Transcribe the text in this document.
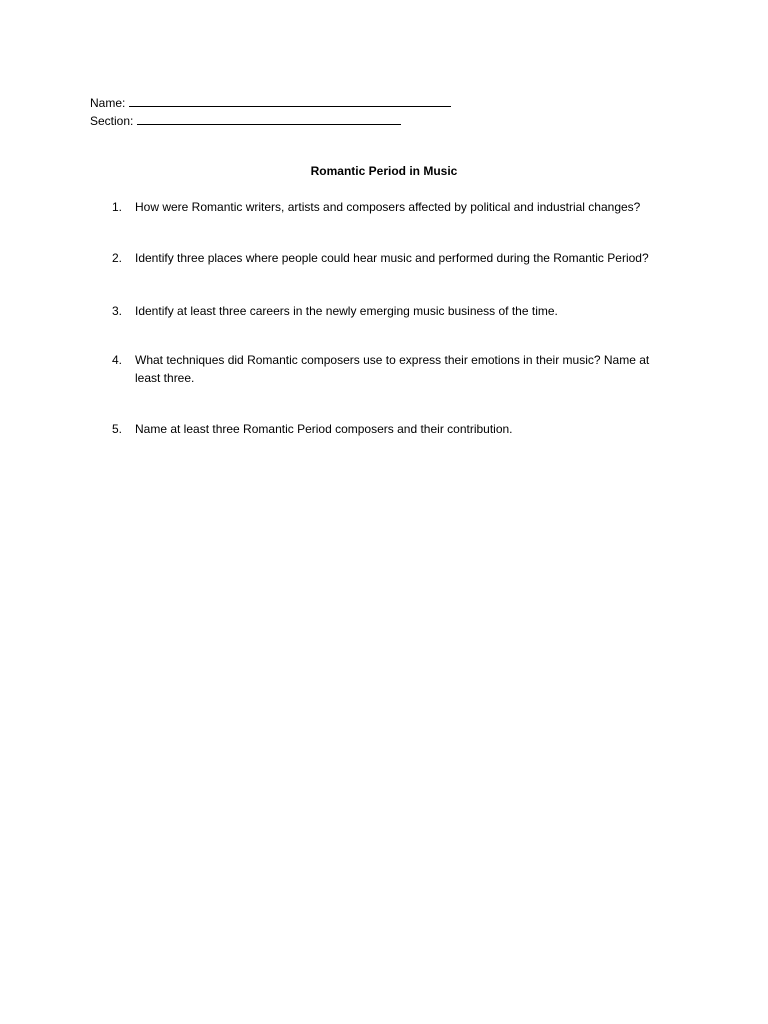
Name:
Section:
Romantic Period in Music
1.	How were Romantic writers, artists and composers affected by political and industrial changes?
2.	Identify three places where people could hear music and performed during the Romantic Period?
3.	Identify at least three careers in the newly emerging music business of the time.
4.	What techniques did Romantic composers use to express their emotions in their music? Name at least three.
5.	Name at least three Romantic Period composers and their contribution.
